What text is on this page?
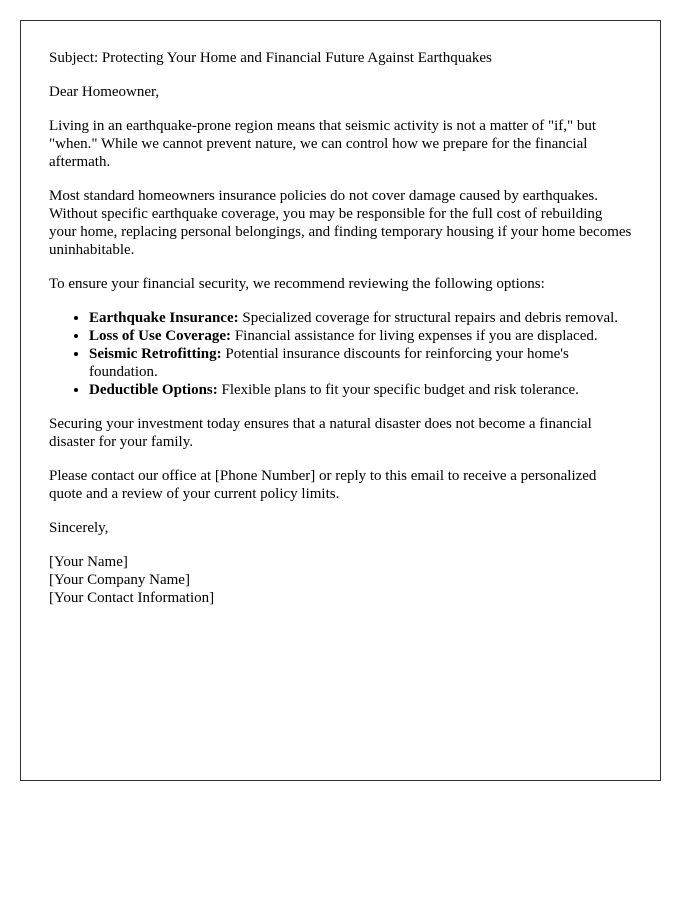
Subject: Protecting Your Home and Financial Future Against Earthquakes

Dear Homeowner,

Living in an earthquake-prone region means that seismic activity is not a matter of "if," but "when." While we cannot prevent nature, we can control how we prepare for the financial aftermath.

Most standard homeowners insurance policies do not cover damage caused by earthquakes. Without specific earthquake coverage, you may be responsible for the full cost of rebuilding your home, replacing personal belongings, and finding temporary housing if your home becomes uninhabitable.

To ensure your financial security, we recommend reviewing the following options:

• Earthquake Insurance: Specialized coverage for structural repairs and debris removal.
• Loss of Use Coverage: Financial assistance for living expenses if you are displaced.
• Seismic Retrofitting: Potential insurance discounts for reinforcing your home's foundation.
• Deductible Options: Flexible plans to fit your specific budget and risk tolerance.

Securing your investment today ensures that a natural disaster does not become a financial disaster for your family.

Please contact our office at [Phone Number] or reply to this email to receive a personalized quote and a review of your current policy limits.

Sincerely,

[Your Name]
[Your Company Name]
[Your Contact Information]
